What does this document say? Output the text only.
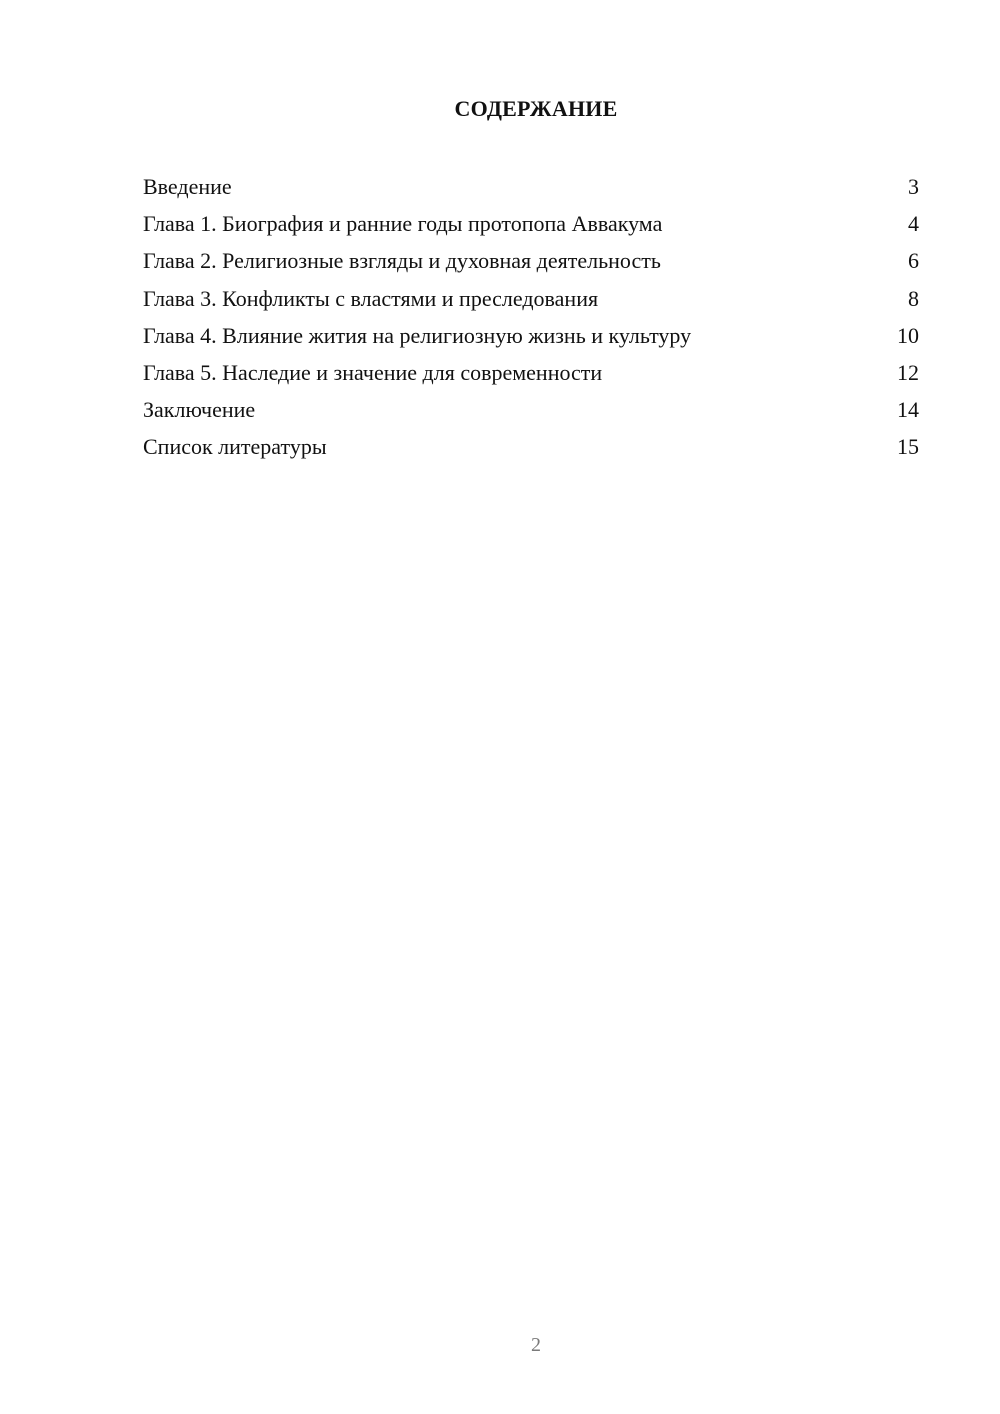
СОДЕРЖАНИЕ
Введение	3
Глава 1. Биография и ранние годы протопопа Аввакума	4
Глава 2. Религиозные взгляды и духовная деятельность	6
Глава 3. Конфликты с властями и преследования	8
Глава 4. Влияние жития на религиозную жизнь и культуру	10
Глава 5. Наследие и значение для современности	12
Заключение	14
Список литературы	15
2
